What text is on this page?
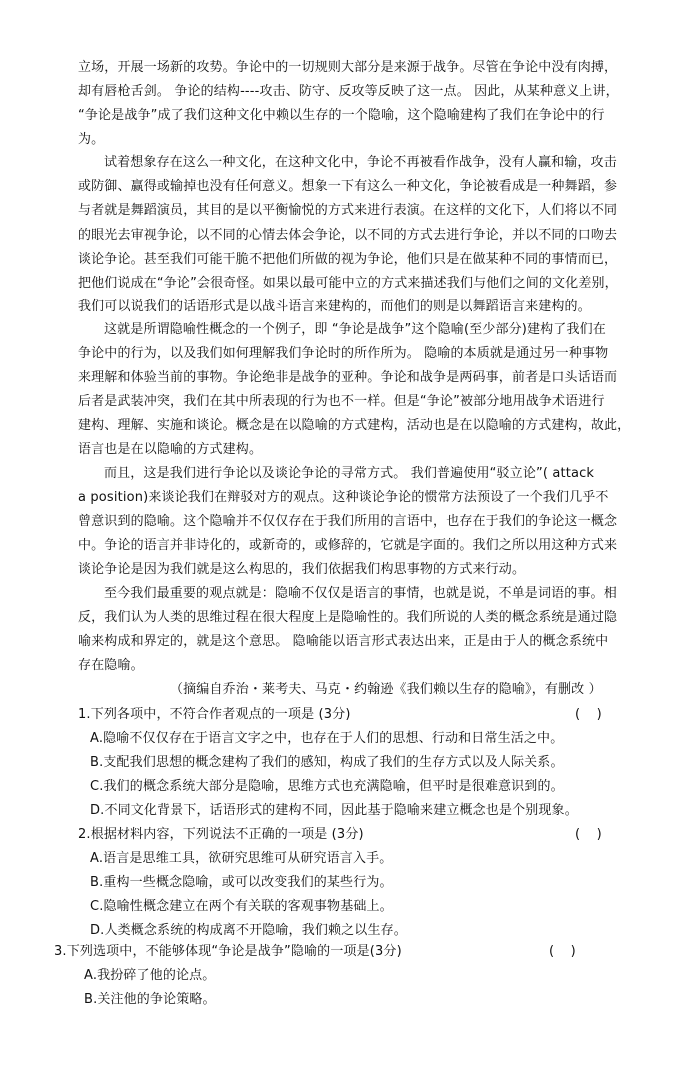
立场，开展一场新的攻势。争论中的一切规则大部分是来源于战争。尽管在争论中没有肉搏，
却有唇枪舌剑。 争论的结构----攻击、防守、反攻等反映了这一点。 因此，从某种意义上讲，
“争论是战争”成了我们这种文化中赖以生存的一个隐喻，这个隐喻建构了我们在争论中的行
为。
试着想象存在这么一种文化，在这种文化中，争论不再被看作战争，没有人赢和输，攻击
或防御、赢得或输掉也没有任何意义。想象一下有这么一种文化，争论被看成是一种舞蹈，参
与者就是舞蹈演员，其目的是以平衡愉悦的方式来进行表演。在这样的文化下，人们将以不同
的眼光去审视争论，以不同的心情去体会争论，以不同的方式去进行争论，并以不同的口吻去
谈论争论。甚至我们可能干脆不把他们所做的视为争论，他们只是在做某种不同的事情而已，
把他们说成在“争论”会很奇怪。如果以最可能中立的方式来描述我们与他们之间的文化差别，
我们可以说我们的话语形式是以战斗语言来建构的，而他们的则是以舞蹈语言来建构的。
这就是所谓隐喻性概念的一个例子，即 “争论是战争”这个隐喻(至少部分)建构了我们在
争论中的行为，以及我们如何理解我们争论时的所作所为。 隐喻的本质就是通过另一种事物
来理解和体验当前的事物。争论绝非是战争的亚种。争论和战争是两码事，前者是口头话语而
后者是武装冲突，我们在其中所表现的行为也不一样。但是“争论”被部分地用战争术语进行
建构、理解、实施和谈论。概念是在以隐喻的方式建构，活动也是在以隐喻的方式建构，故此，
语言也是在以隐喻的方式建构。
而且，这是我们进行争论以及谈论争论的寻常方式。 我们普遍使用“驳立论”( attack
a position)来谈论我们在辩驳对方的观点。这种谈论争论的惯常方法预设了一个我们几乎不
曾意识到的隐喻。这个隐喻并不仅仅存在于我们所用的言语中，也存在于我们的争论这一概念
中。争论的语言并非诗化的，或新奇的，或修辞的，它就是字面的。我们之所以用这种方式来
谈论争论是因为我们就是这么构思的，我们依据我们构思事物的方式来行动。
至今我们最重要的观点就是：隐喻不仅仅是语言的事情，也就是说，不单是词语的事。相
反，我们认为人类的思维过程在很大程度上是隐喻性的。我们所说的人类的概念系统是通过隐
喻来构成和界定的，就是这个意思。 隐喻能以语言形式表达出来，正是由于人的概念系统中
存在隐喻。
（摘编自乔治・莱考夫、马克・约翰逊《我们赖以生存的隐喻》，有删改 ）
1.下列各项中，不符合作者观点的一项是 (3分)	(    )
A.隐喻不仅仅存在于语言文字之中，也存在于人们的思想、行动和日常生活之中。
B.支配我们思想的概念建构了我们的感知，构成了我们的生存方式以及人际关系。
C.我们的概念系统大部分是隐喻，思维方式也充满隐喻，但平时是很难意识到的。
D.不同文化背景下，话语形式的建构不同，因此基于隐喻来建立概念也是个别现象。
2.根据材料内容，下列说法不正确的一项是 (3分)	(    )
A.语言是思维工具，欲研究思维可从研究语言入手。
B.重构一些概念隐喻，或可以改变我们的某些行为。
C.隐喻性概念建立在两个有关联的客观事物基础上。
D.人类概念系统的构成离不开隐喻，我们赖之以生存。
3.下列选项中，不能够体现“争论是战争”隐喻的一项是(3分)	(    )
A.我扮碎了他的论点。
B.关注他的争论策略。
